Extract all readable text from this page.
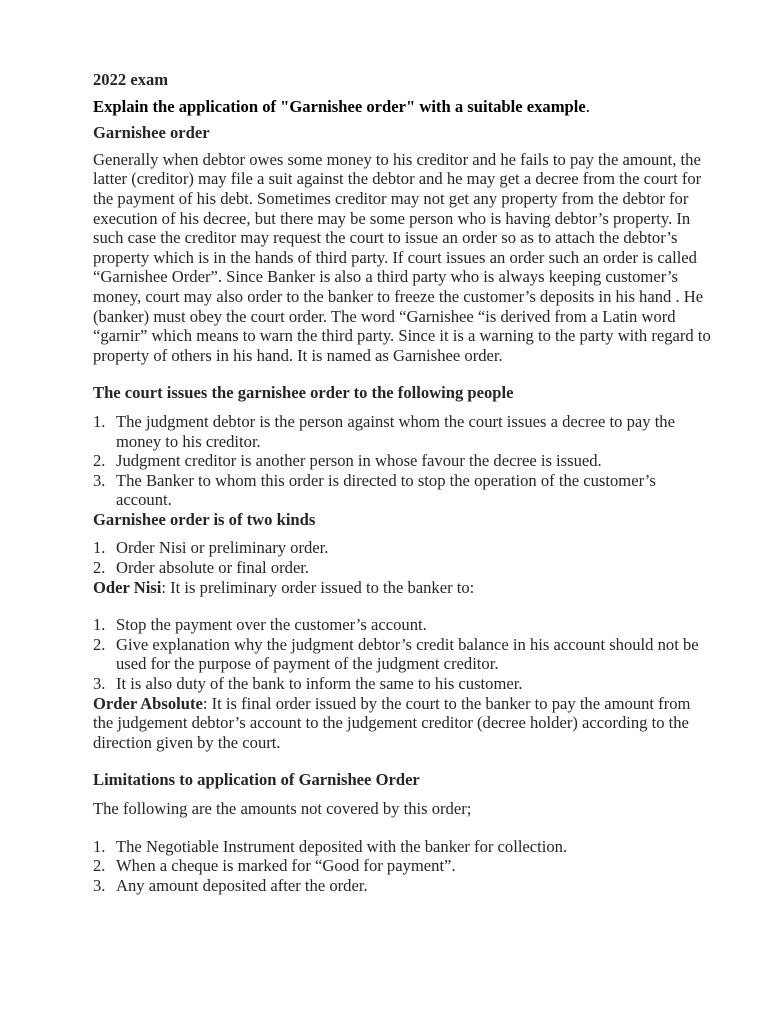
2022 exam

Explain the application of "Garnishee order" with a suitable example.

Garnishee order

Generally when debtor owes some money to his creditor and he fails to pay the amount, the latter (creditor) may file a suit against the debtor and he may get a decree from the court for the payment of his debt. Sometimes creditor may not get any property from the debtor for execution of his decree, but there may be some person who is having debtor’s property. In such case the creditor may request the court to issue an order so as to attach the debtor’s property which is in the hands of third party. If court issues an order such an order is called “Garnishee Order”. Since Banker is also a third party who is always keeping customer’s money, court may also order to the banker to freeze the customer’s deposits in his hand . He (banker) must obey the court order. The word “Garnishee “is derived from a Latin word “garnir” which means to warn the third party. Since it is a warning to the party with regard to property of others in his hand. It is named as Garnishee order.

The court issues the garnishee order to the following people

1. The judgment debtor is the person against whom the court issues a decree to pay the money to his creditor.
2. Judgment creditor is another person in whose favour the decree is issued.
3. The Banker to whom this order is directed to stop the operation of the customer’s account.

Garnishee order is of two kinds

1. Order Nisi or preliminary order.
2. Order absolute or final order.

Oder Nisi: It is preliminary order issued to the banker to:

1. Stop the payment over the customer’s account.
2. Give explanation why the judgment debtor’s credit balance in his account should not be used for the purpose of payment of the judgment creditor.
3. It is also duty of the bank to inform the same to his customer.

Order Absolute: It is final order issued by the court to the banker to pay the amount from the judgement debtor’s account to the judgement creditor (decree holder) according to the direction given by the court.

Limitations to application of Garnishee Order

The following are the amounts not covered by this order;

1. The Negotiable Instrument deposited with the banker for collection.
2. When a cheque is marked for “Good for payment”.
3. Any amount deposited after the order.
